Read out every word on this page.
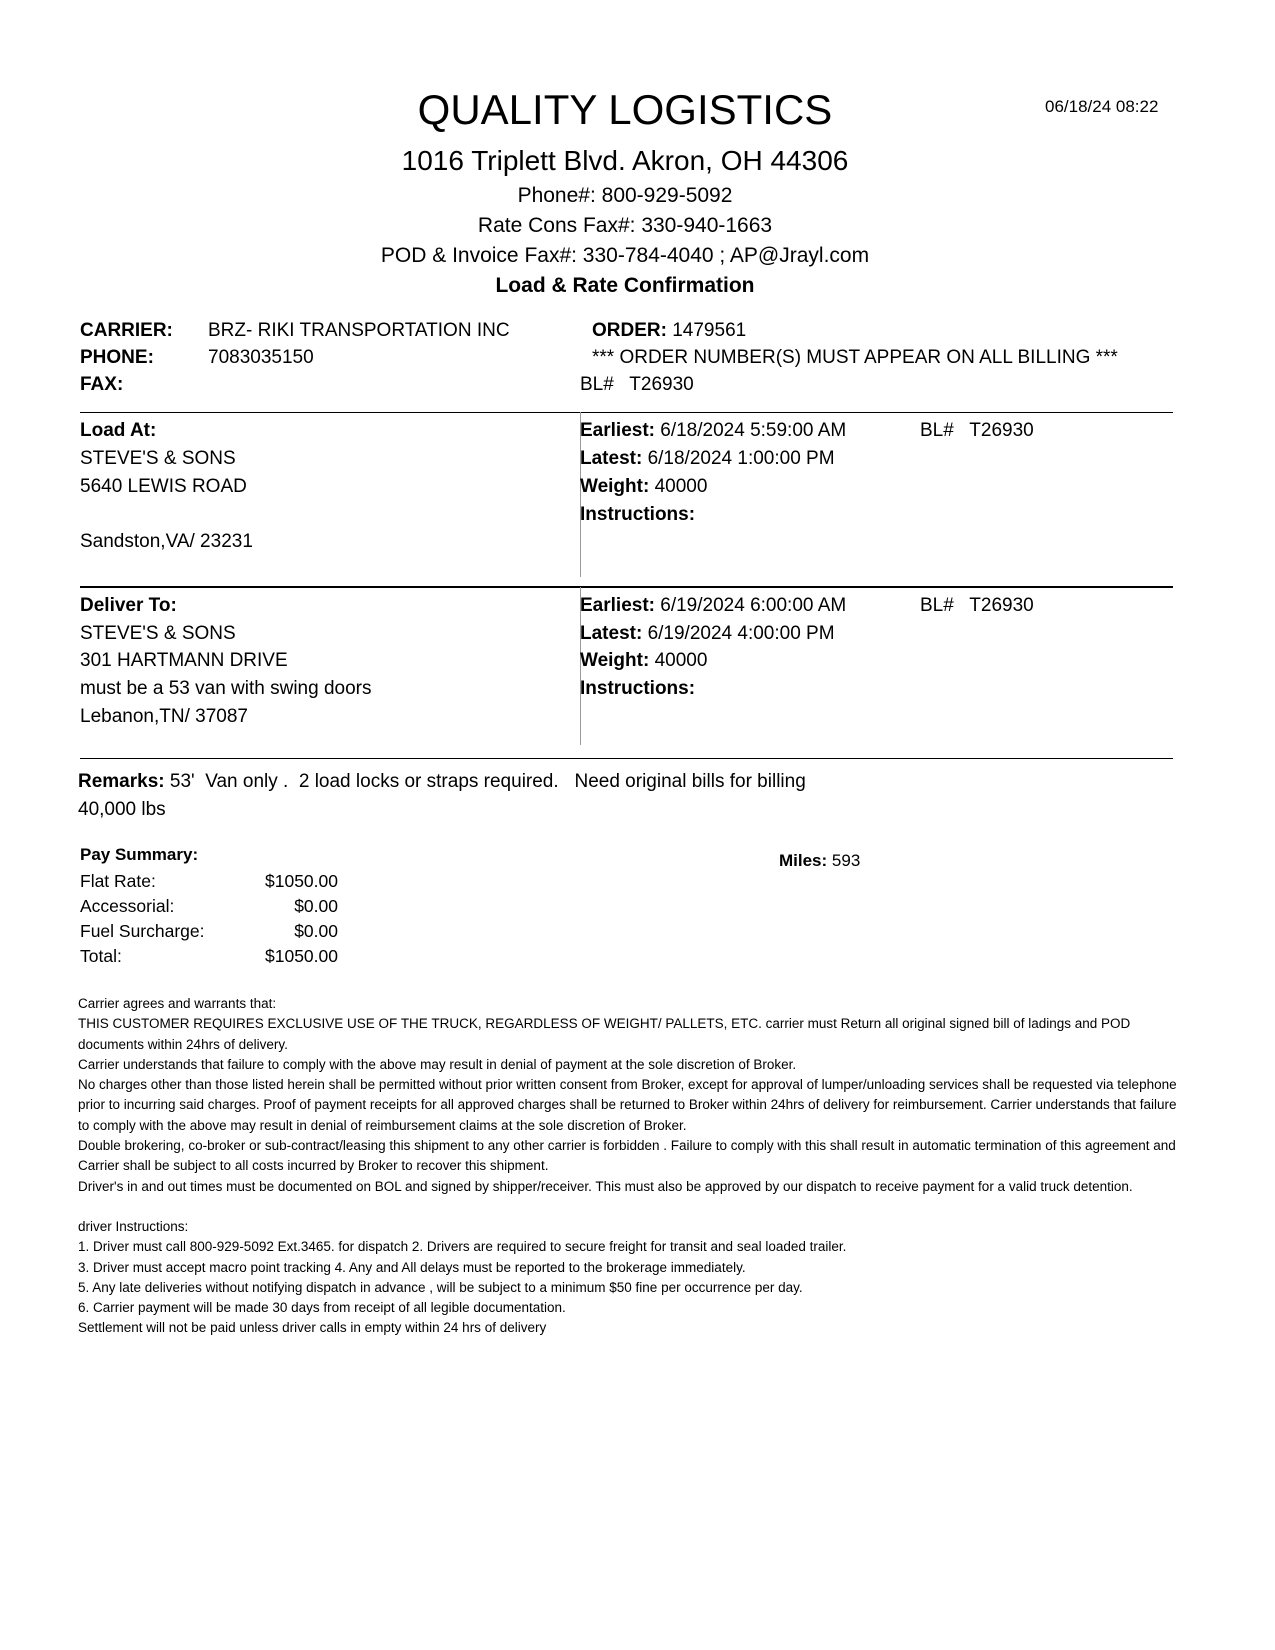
QUALITY LOGISTICS	06/18/24 08:22
1016 Triplett Blvd. Akron, OH 44306
Phone#: 800-929-5092
Rate Cons Fax#: 330-940-1663
POD & Invoice Fax#: 330-784-4040 ; AP@Jrayl.com
Load & Rate Confirmation
CARRIER: BRZ- RIKI TRANSPORTATION INC
PHONE:	7083035150
FAX:
ORDER: 1479561
*** ORDER NUMBER(S) MUST APPEAR ON ALL BILLING ***
BL#   T26930
Load At:
STEVE'S & SONS
5640 LEWIS ROAD
Sandston,VA/ 23231
Earliest: 6/18/2024 5:59:00 AM	BL#   T26930
Latest: 6/18/2024 1:00:00 PM
Weight: 40000
Instructions:
Deliver To:
STEVE'S & SONS
301 HARTMANN DRIVE
must be a 53 van with swing doors
Lebanon,TN/ 37087
Earliest: 6/19/2024 6:00:00 AM	BL#   T26930
Latest: 6/19/2024 4:00:00 PM
Weight: 40000
Instructions:
Remarks: 53'  Van only .  2 load locks or straps required.   Need original bills for billing
40,000 lbs
Pay Summary:
Flat Rate:	$1050.00
Accessorial:	$0.00
Fuel Surcharge:	$0.00
Total:	$1050.00
Miles: 593

Carrier agrees and warrants that:

THIS CUSTOMER REQUIRES EXCLUSIVE USE OF THE TRUCK, REGARDLESS OF WEIGHT/ PALLETS, ETC. carrier must Return all original signed bill of ladings and POD documents within 24hrs of delivery.

Carrier understands that failure to comply with the above may result in denial of payment at the sole discretion of Broker.

No charges other than those listed herein shall be permitted without prior written consent from Broker, except for approval of lumper/unloading services shall be requested via telephone prior to incurring said charges. Proof of payment receipts for all approved charges shall be returned to Broker within 24hrs of delivery for reimbursement. Carrier understands that failure to comply with the above may result in denial of reimbursement claims at the sole discretion of Broker.

Double brokering, co-broker or sub-contract/leasing this shipment to any other carrier is forbidden . Failure to comply with this shall result in automatic termination of this agreement and Carrier shall be subject to all costs incurred by Broker to recover this shipment.

Driver's in and out times must be documented on BOL and signed by shipper/receiver. This must also be approved by our dispatch to receive payment for a valid truck detention.

driver Instructions:

1. Driver must call 800-929-5092 Ext.3465. for dispatch 2. Drivers are required to secure freight for transit and seal loaded trailer.

3. Driver must accept macro point tracking 4. Any and All delays must be reported to the brokerage immediately.

5. Any late deliveries without notifying dispatch in advance , will be subject to a minimum $50 fine per occurrence per day.

6. Carrier payment will be made 30 days from receipt of all legible documentation.

Settlement will not be paid unless driver calls in empty within 24 hrs of delivery
